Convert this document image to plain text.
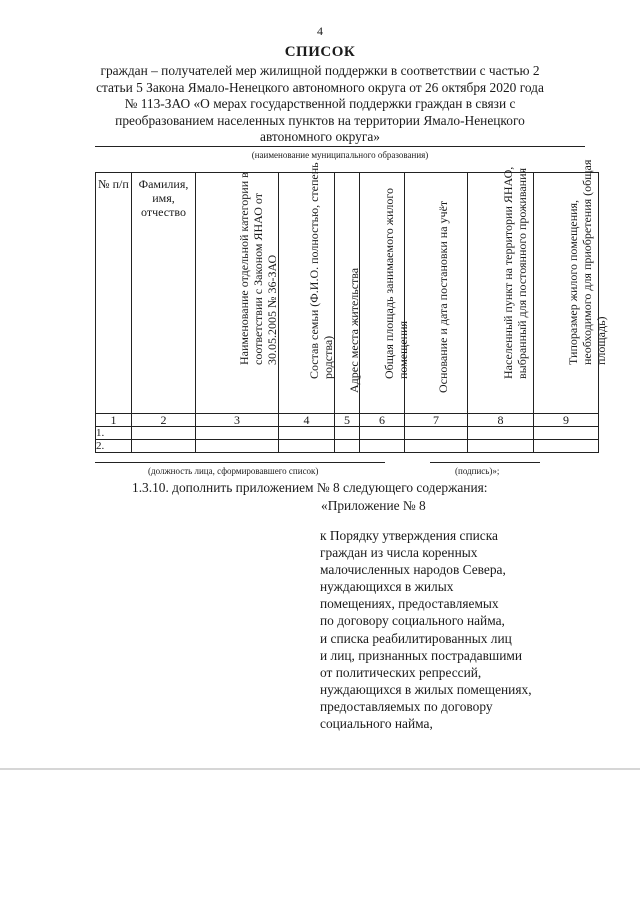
4
СПИСОК
граждан – получателей мер жилищной поддержки в соответствии с частью 2
статьи 5 Закона Ямало-Ненецкого автономного округа от 26 октября 2020 года
№ 113-ЗАО «О мерах государственной поддержки граждан в связи с
преобразованием населенных пунктов на территории Ямало-Ненецкого
автономного округа»
(наименование муниципального образования)
№ п/п	Фамилия, имя, отчество	Наименование отдельной категории в соответствии с Законом ЯНАО от 30.05.2005 № 36-ЗАО	Состав семьи (Ф.И.О. полностью, степень родства)	Адрес места жительства	Общая площадь занимаемого жилого помещения	Основание и дата постановки на учёт	Населенный пункт на территории ЯНАО, выбранный для постоянного проживания	Типоразмер жилого помещения, необходимого для приобретения (общая площадь)

1	2	3	4	5	6	7	8	9
1.								
2.								
(должность лица, сформировавшего список)	(подпись)»;
1.3.10. дополнить приложением № 8 следующего содержания:
«Приложение № 8
к Порядку утверждения списка
граждан из числа коренных
малочисленных народов Севера,
нуждающихся в жилых
помещениях, предоставляемых
по договору социального найма,
и списка реабилитированных лиц
и лиц, признанных пострадавшими
от политических репрессий,
нуждающихся в жилых помещениях,
предоставляемых по договору
социального найма,
